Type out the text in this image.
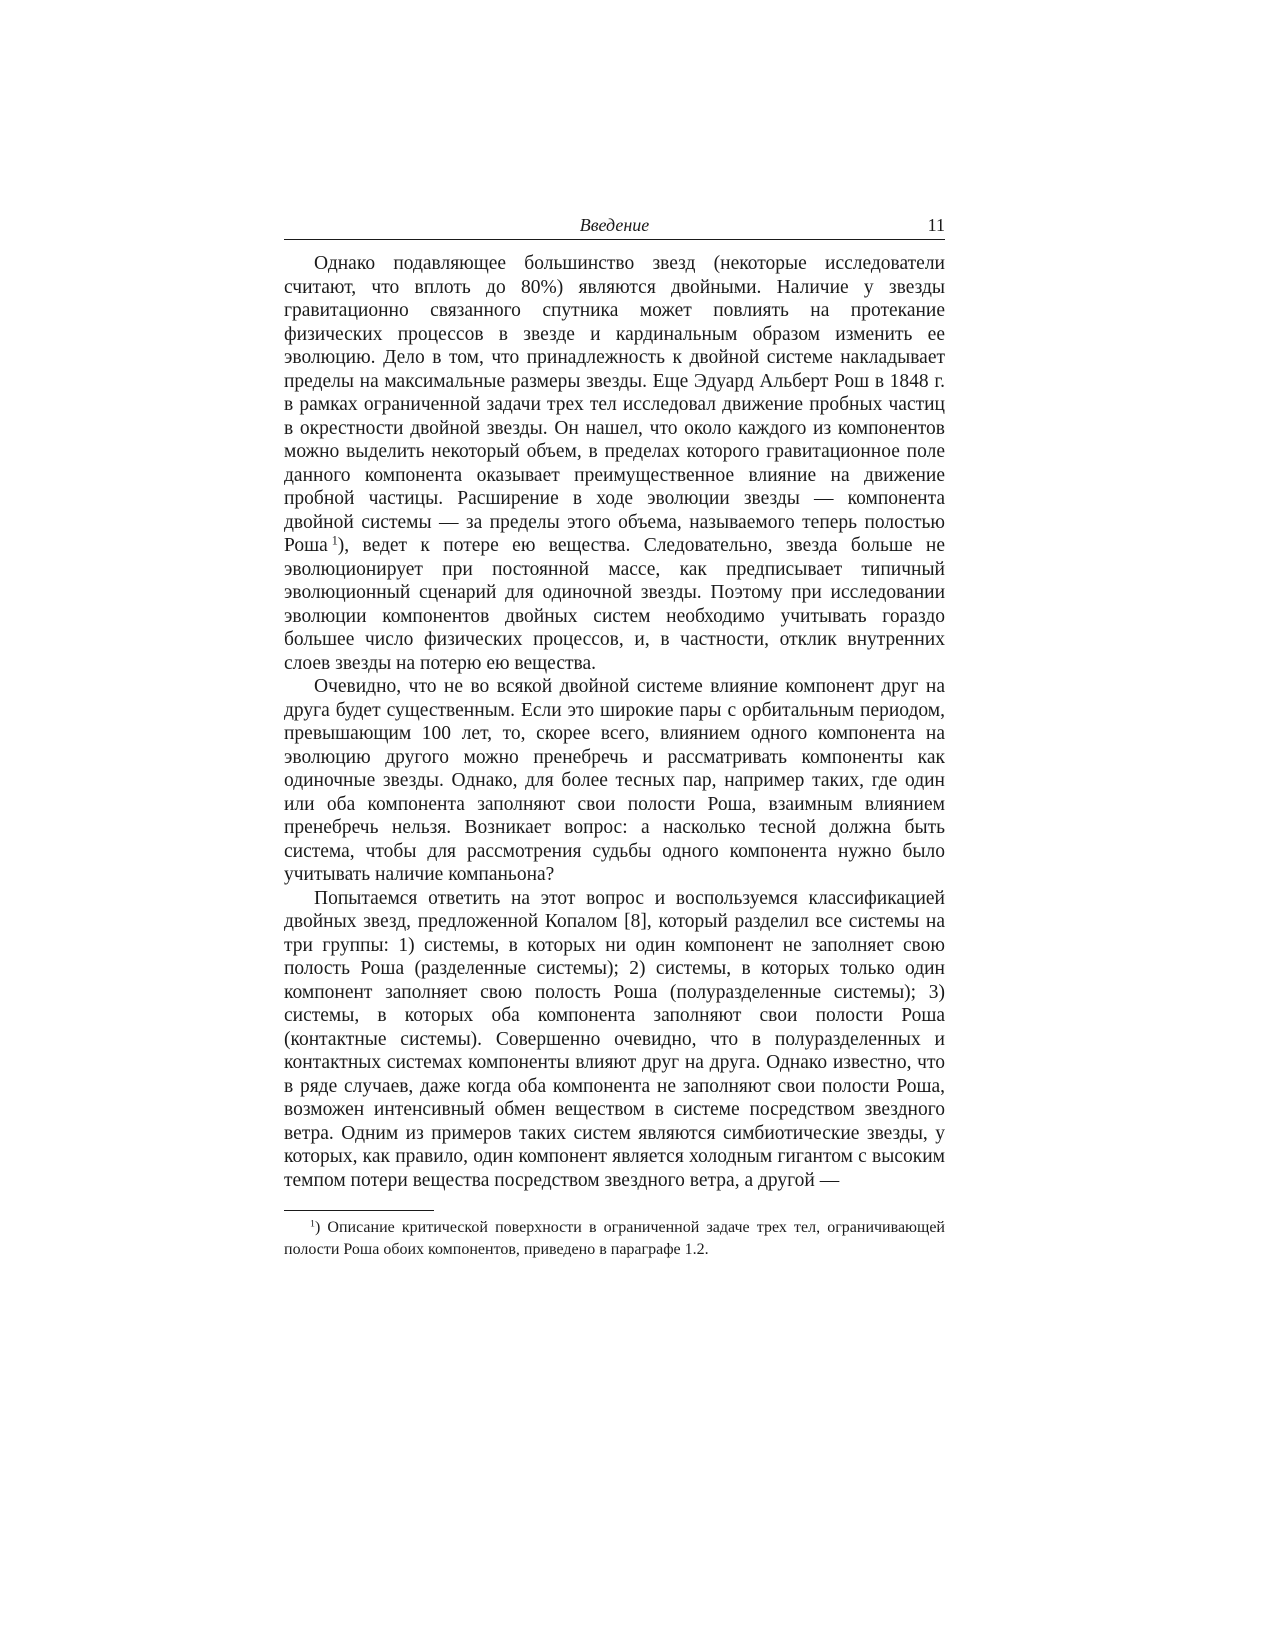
Введение	11

Однако подавляющее большинство звезд (некоторые исследователи считают, что вплоть до 80%) являются двойными. Наличие у звезды гравитационно связанного спутника может повлиять на протекание физических процессов в звезде и кардинальным образом изменить ее эволюцию. Дело в том, что принадлежность к двойной системе накладывает пределы на максимальные размеры звезды. Еще Эдуард Альберт Рош в 1848 г. в рамках ограниченной задачи трех тел исследовал движение пробных частиц в окрестности двойной звезды. Он нашел, что около каждого из компонентов можно выделить некоторый объем, в пределах которого гравитационное поле данного компонента оказывает преимущественное влияние на движение пробной частицы. Расширение в ходе эволюции звезды — компонента двойной системы — за пределы этого объема, называемого теперь полостью Роша  $^1$), ведет к потере ею вещества. Следовательно, звезда больше не эволюционирует при постоянной массе, как предписывает типичный эволюционный сценарий для одиночной звезды. Поэтому при исследовании эволюции компонентов двойных систем необходимо учитывать гораздо большее число физических процессов, и, в частности, отклик внутренних слоев звезды на потерю ею вещества.

Очевидно, что не во всякой двойной системе влияние компонент друг на друга будет существенным. Если это широкие пары с орбитальным периодом, превышающим 100 лет, то, скорее всего, влиянием одного компонента на эволюцию другого можно пренебречь и рассматривать компоненты как одиночные звезды. Однако, для более тесных пар, например таких, где один или оба компонента заполняют свои полости Роша, взаимным влиянием пренебречь нельзя. Возникает вопрос: а насколько тесной должна быть система, чтобы для рассмотрения судьбы одного компонента нужно было учитывать наличие компаньона?

Попытаемся ответить на этот вопрос и воспользуемся классификацией двойных звезд, предложенной Копалом [8], который разделил все системы на три группы: 1) системы, в которых ни один компонент не заполняет свою полость Роша (разделенные системы); 2) системы, в которых только один компонент заполняет свою полость Роша (полуразделенные системы); 3) системы, в которых оба компонента заполняют свои полости Роша (контактные системы). Совершенно очевидно, что в полуразделенных и контактных системах компоненты влияют друг на друга. Однако известно, что в ряде случаев, даже когда оба компонента не заполняют свои полости Роша, возможен интенсивный обмен веществом в системе посредством звездного ветра. Одним из примеров таких систем являются симбиотические звезды, у которых, как правило, один компонент является холодным гигантом с высоким темпом потери вещества посредством звездного ветра, а другой —

$^1$) Описание критической поверхности в ограниченной задаче трех тел, ограничивающей полости Роша обоих компонентов, приведено в параграфе 1.2.
